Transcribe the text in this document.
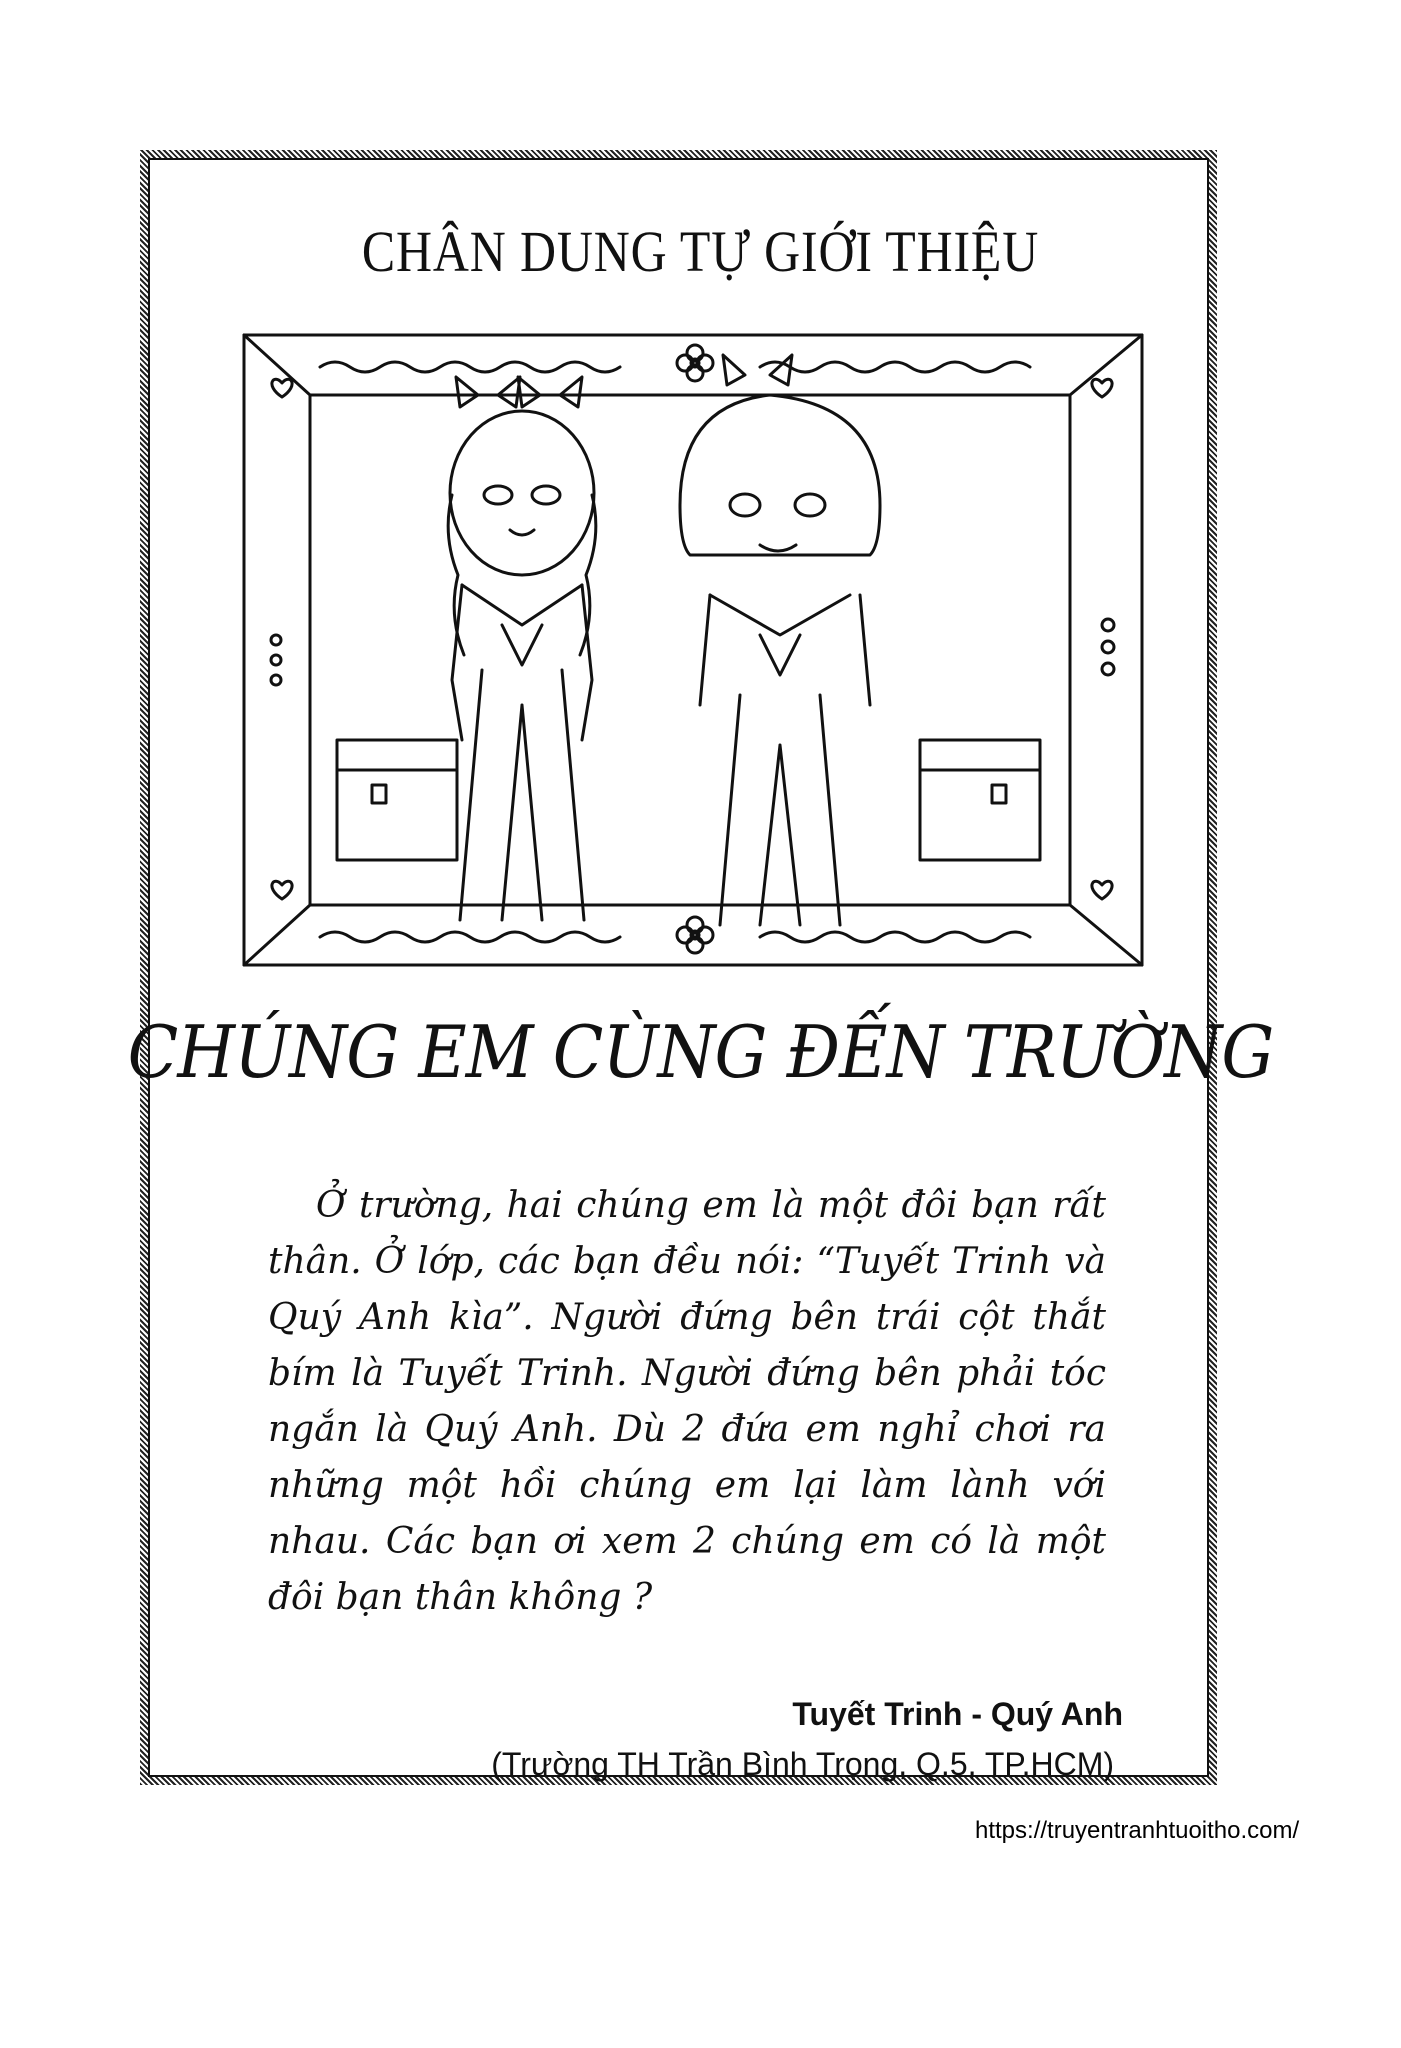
CHÂN DUNG TỰ GIỚI THIỆU
CHÚNG EM CÙNG ĐẾN TRƯỜNG
Ở trường, hai chúng em là một đôi bạn rất thân. Ở lớp, các bạn đều nói: “Tuyết Trinh và Quý Anh kìa”. Người đứng bên trái cột thắt bím là Tuyết Trinh. Người đứng bên phải tóc ngắn là Quý Anh. Dù 2 đứa em nghỉ chơi ra những một hồi chúng em lại làm lành với nhau. Các bạn ơi xem 2 chúng em có là một đôi bạn thân không ?
Tuyết Trinh - Quý Anh
(Trường TH Trần Bình Trọng, Q.5, TP.HCM)
https://truyentranhtuoitho.com/
